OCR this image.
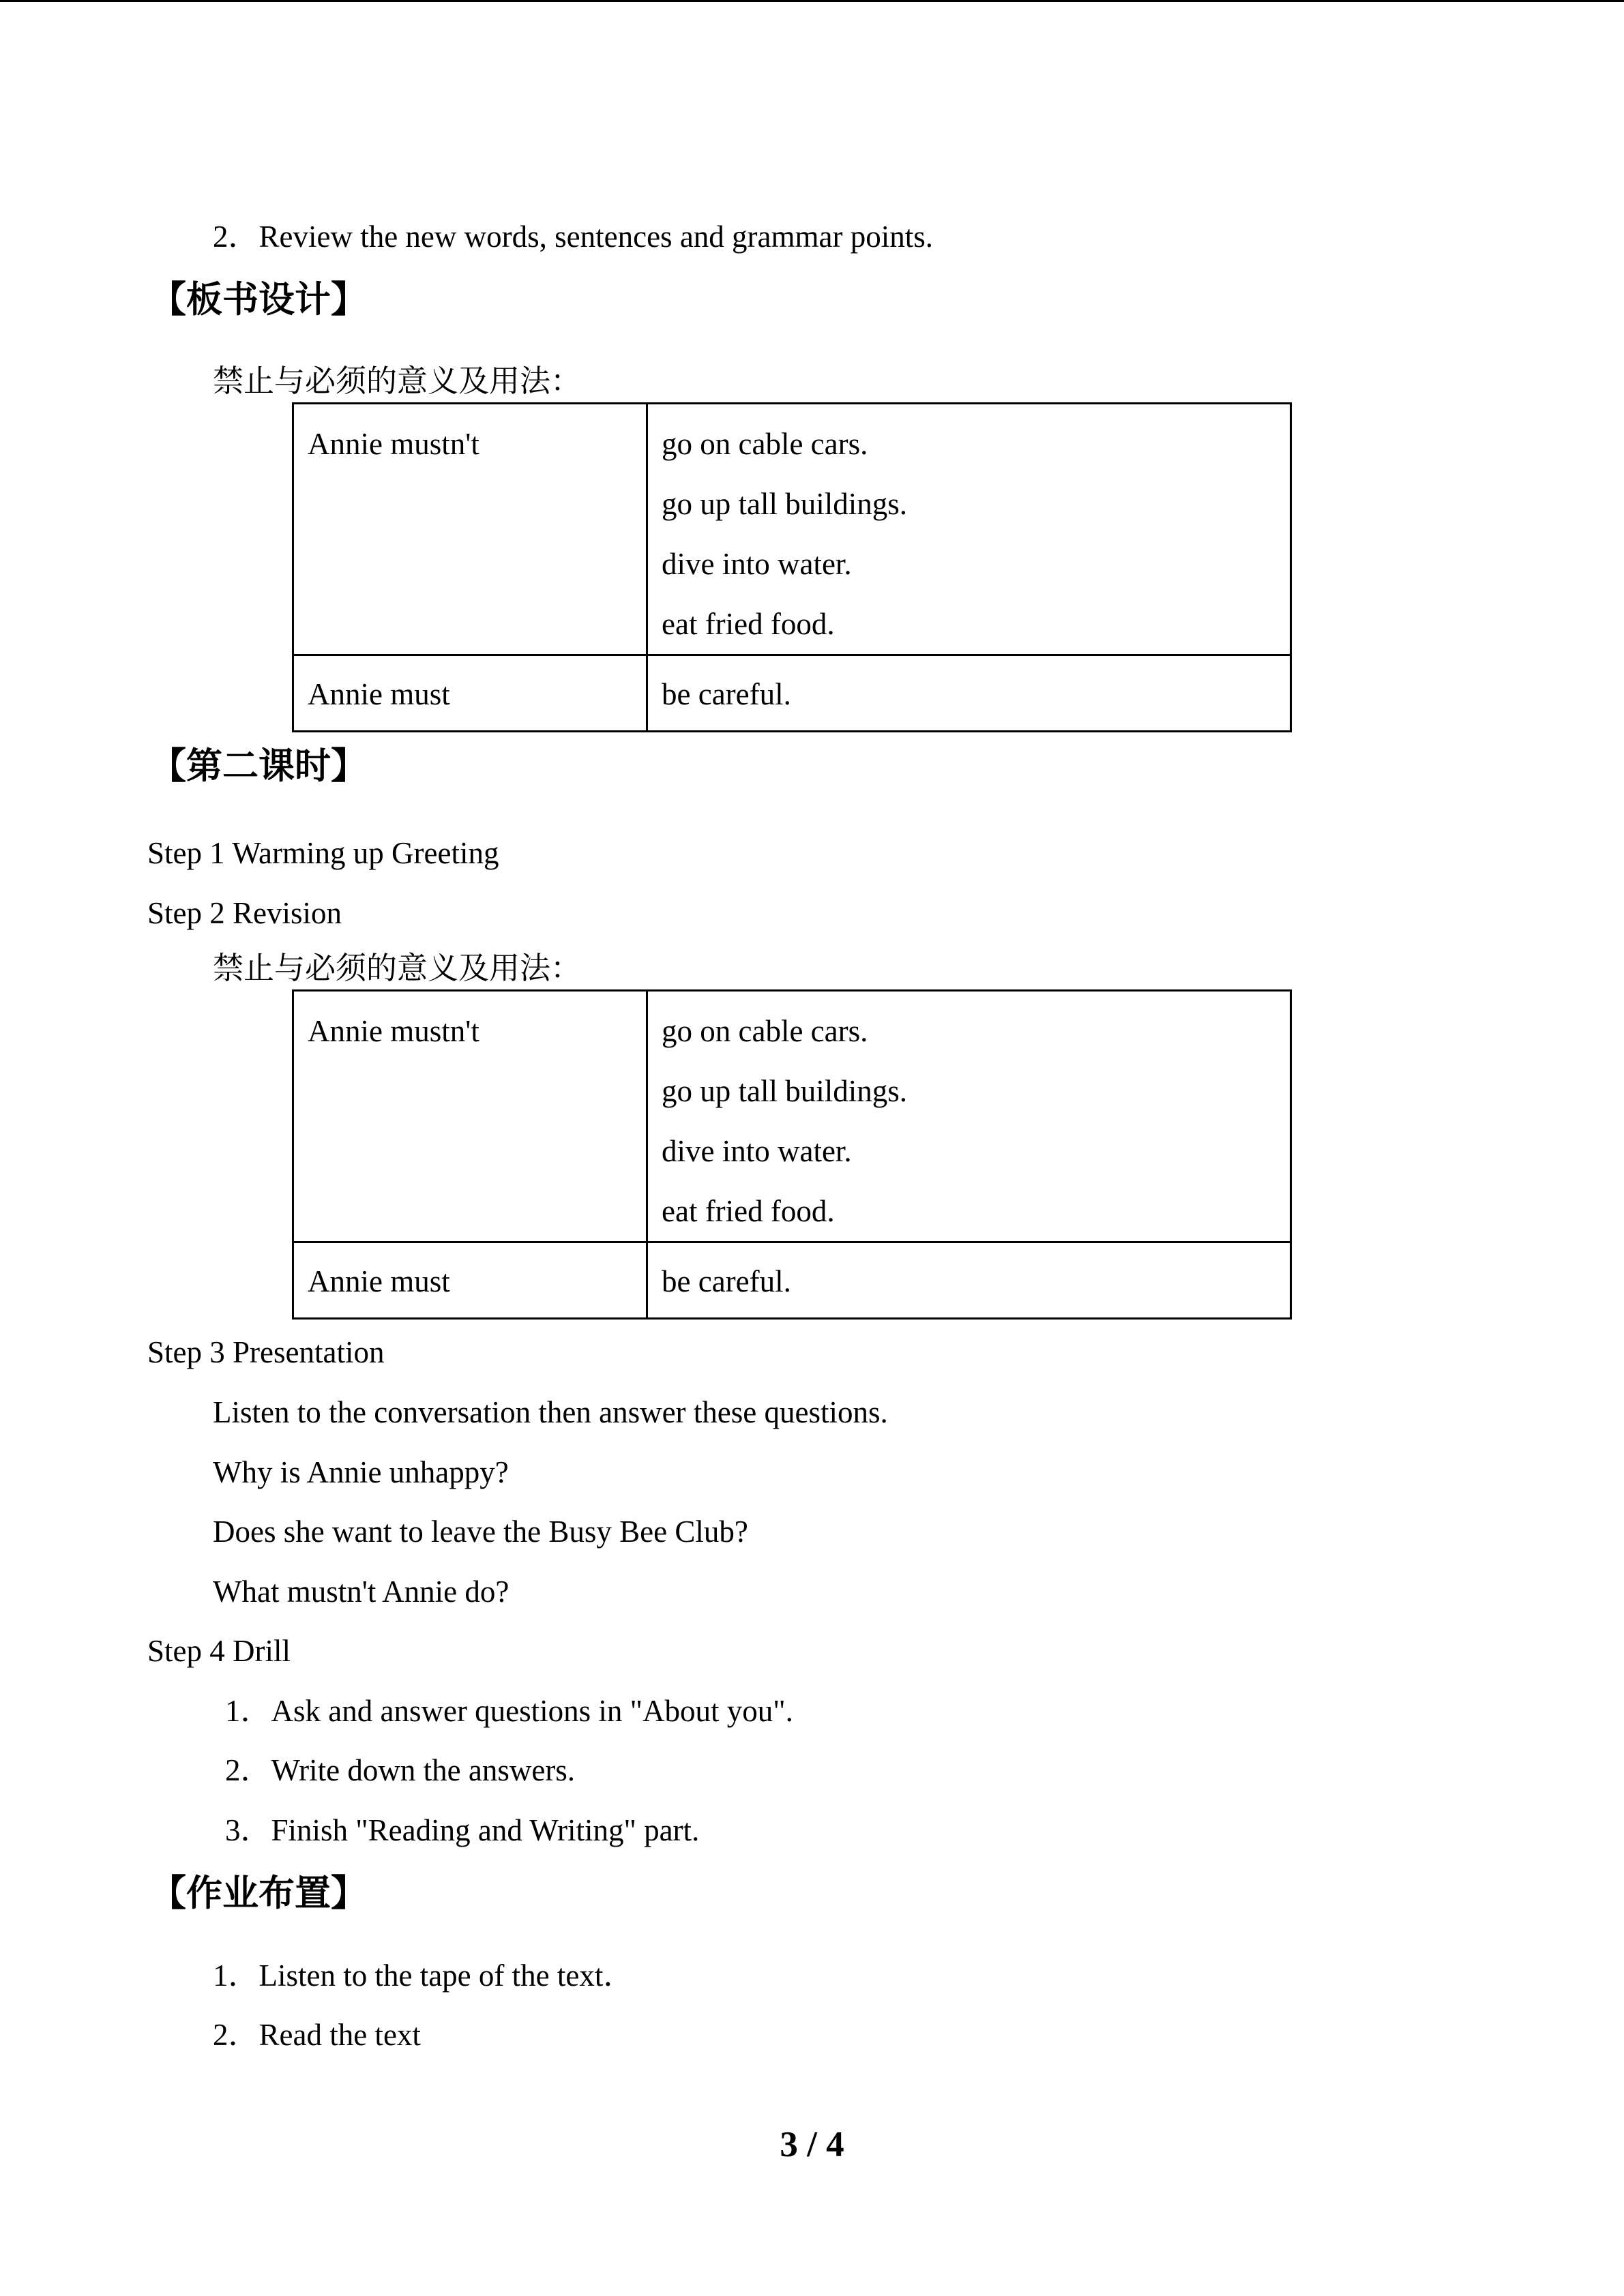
2．Review the new words, sentences and grammar points.
【板书设计】
禁止与必须的意义及用法：
Annie mustn't	go on cable cars.
go up tall buildings.
dive into water.
eat fried food.

Annie must	be careful.
【第二课时】
Step 1 Warming up Greeting
Step 2 Revision
禁止与必须的意义及用法：
Annie mustn't	go on cable cars.
go up tall buildings.
dive into water.
eat fried food.

Annie must	be careful.
Step 3 Presentation
Listen to the conversation then answer these questions.
Why is Annie unhappy?
Does she want to leave the Busy Bee Club?
What mustn't Annie do?
Step 4 Drill
1．Ask and answer questions in "About you".
2．Write down the answers.
3．Finish "Reading and Writing" part.
【作业布置】
1．Listen to the tape of the text．
2．Read the text
3 / 4
